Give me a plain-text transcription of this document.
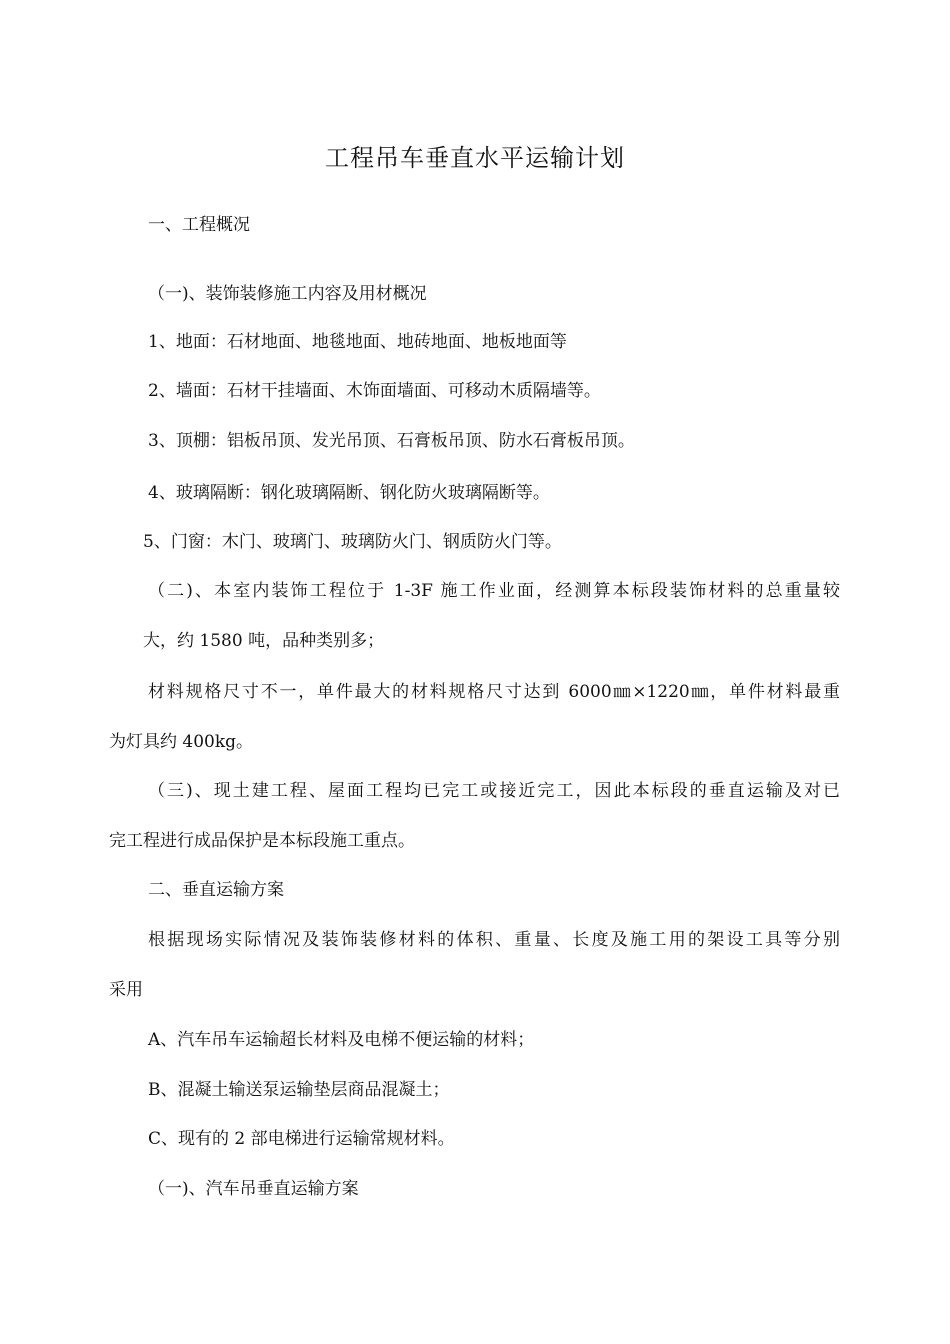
工程吊车垂直水平运输计划
一、工程概况
（一)、装饰装修施工内容及用材概况
1、地面：石材地面、地毯地面、地砖地面、地板地面等
2、墙面：石材干挂墙面、木饰面墙面、可移动木质隔墙等。
3、顶棚：铝板吊顶、发光吊顶、石膏板吊顶、防水石膏板吊顶。
4、玻璃隔断：钢化玻璃隔断、钢化防火玻璃隔断等。
5、门窗：木门、玻璃门、玻璃防火门、钢质防火门等。
（二)、本室内装饰工程位于 1-3F 施工作业面，经测算本标段装饰材料的总重量较
大，约 1580 吨，品种类别多；
材料规格尺寸不一，单件最大的材料规格尺寸达到 6000㎜×1220㎜，单件材料最重
为灯具约 400kg。
（三)、现土建工程、屋面工程均已完工或接近完工，因此本标段的垂直运输及对已
完工程进行成品保护是本标段施工重点。
二、垂直运输方案
根据现场实际情况及装饰装修材料的体积、重量、长度及施工用的架设工具等分别
采用
A、汽车吊车运输超长材料及电梯不便运输的材料；
B、混凝土输送泵运输垫层商品混凝土；
C、现有的 2 部电梯进行运输常规材料。
（一)、汽车吊垂直运输方案
